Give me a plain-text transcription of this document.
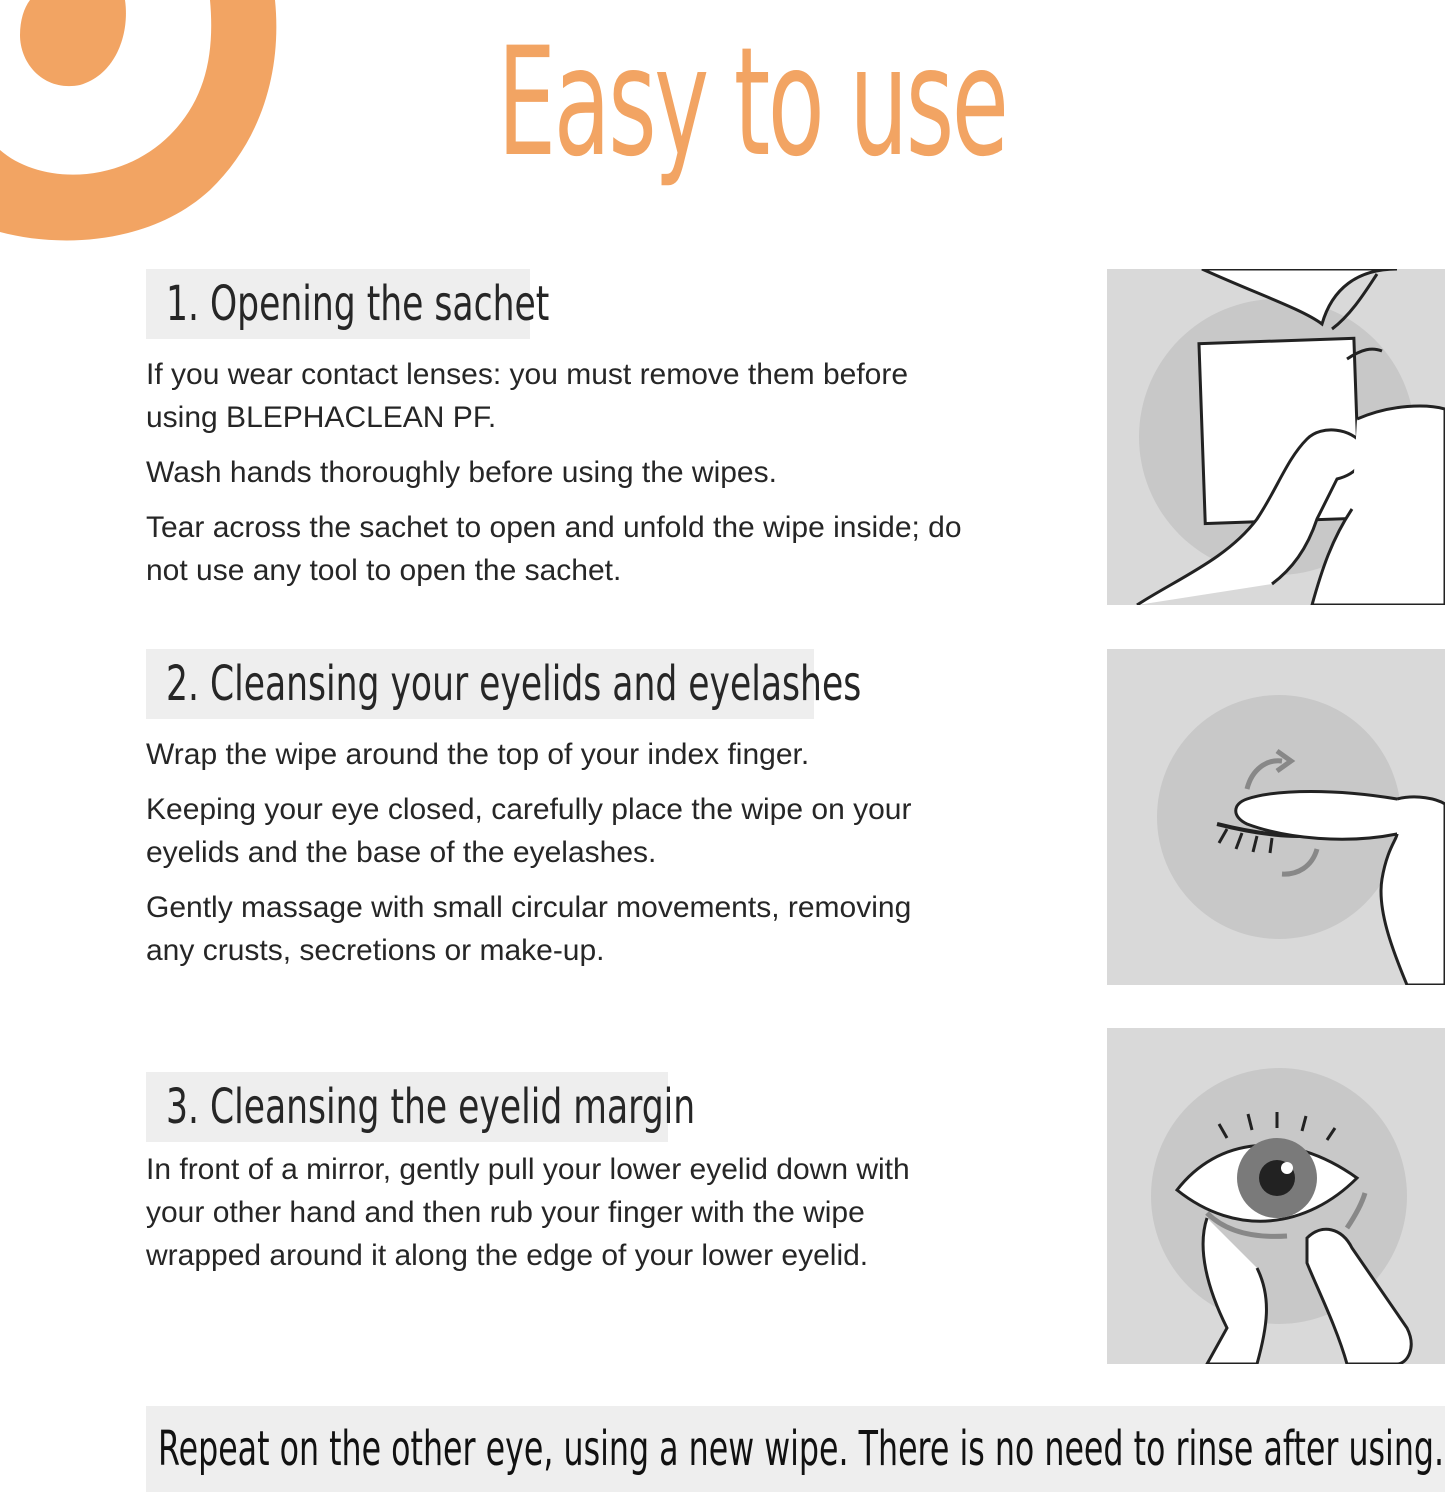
Easy to use
1. Opening the sachet

If you wear contact lenses: you must remove them before using BLEPHACLEAN PF.

Wash hands thoroughly before using the wipes.

Tear across the sachet to open and unfold the wipe inside; do not use any tool to open the sachet.

2. Cleansing your eyelids and eyelashes

Wrap the wipe around the top of your index finger.

Keeping your eye closed, carefully place the wipe on your eyelids and the base of the eyelashes.

Gently massage with small circular movements, removing any crusts, secretions or make-up.

3. Cleansing the eyelid margin

In front of a mirror, gently pull your lower eyelid down with your other hand and then rub your finger with the wipe wrapped around it along the edge of your lower eyelid.

Repeat on the other eye, using a new wipe. There is no need to rinse after using.
